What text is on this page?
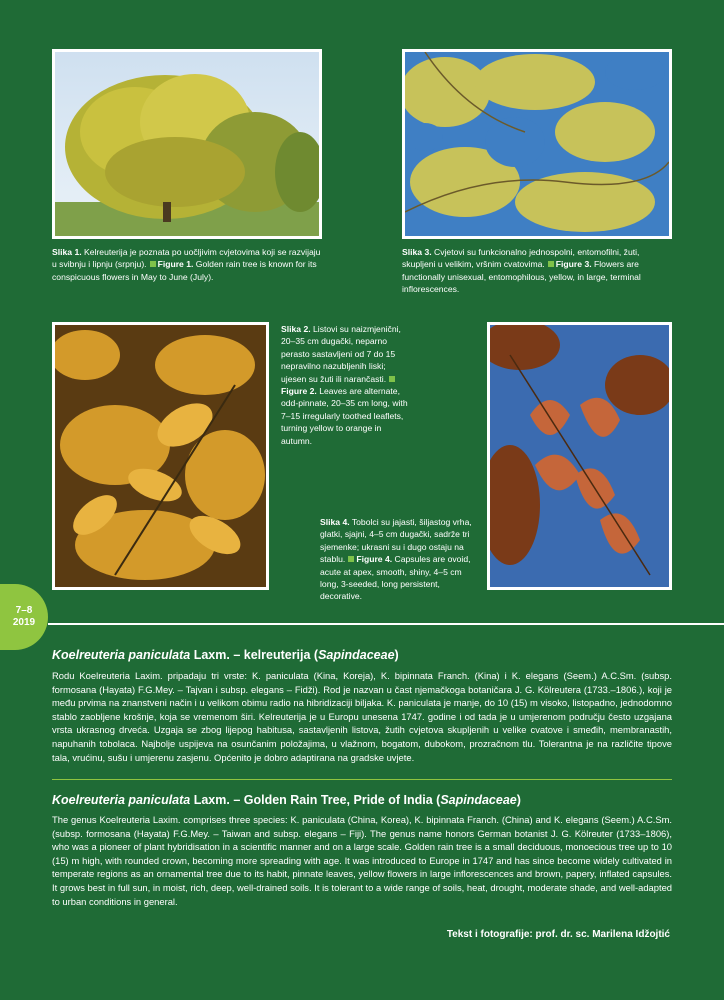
Slika 1. Kelreuterija je poznata po uočljivim cvjetovima koji se razvijaju u svibnju i lipnju (srpnju). Figure 1. Golden rain tree is known for its conspicuous flowers in May to June (July).
Slika 3. Cvjetovi su funkcionalno jednospolni, entomofilni, žuti, skupljeni u velikim, vršnim cvatovima. Figure 3. Flowers are functionally unisexual, entomophilous, yellow, in large, terminal inflorescences.
Slika 2. Listovi su naizmjenični, 20–35 cm dugački, neparno perasto sastavljeni od 7 do 15 nepravilno nazubljenih liski; ujesen su žuti ili narančasti.Figure 2. Leaves are alternate, odd-pinnate, 20–35 cm long, with 7–15 irregularly toothed leaflets, turning yellow to orange in autumn.
Slika 4. Tobolci su jajasti, šiljastog vrha, glatki, sjajni, 4–5 cm dugački, sadrže tri sjemenke; ukrasni su i dugo ostaju na stablu. Figure 4. Capsules are ovoid, acute at apex, smooth, shiny, 4–5 cm long, 3-seeded, long persistent, decorative.
7–8
2019
Koelreuteria paniculata Laxm. – kelreuterija (Sapindaceae)

Rodu Koelreuteria Laxim. pripadaju tri vrste: K. paniculata (Kina, Koreja), K. bipinnata Franch. (Kina) i K. elegans (Seem.) A.C.Sm. (subsp. formosana (Hayata) F.G.Mey. – Tajvan i subsp. elegans – Fidži). Rod je nazvan u čast njemačkoga botaničara J. G. Kölreutera (1733.–1806.), koji je među prvima na znanstveni način i u velikom obimu radio na hibridizaciji biljaka. K. paniculata je manje, do 10 (15) m visoko, listopadno, jednodomno stablo zaobljene krošnje, koja se vremenom širi. Kelreuterija je u Europu unesena 1747. godine i od tada je u umjerenom području često uzgajana vrsta ukrasnog drveća. Uzgaja se zbog lijepog habitusa, sastavljenih listova, žutih cvjetova skupljenih u velike cvatove i smeđih, membranastih, napuhanih tobolaca. Najbolje uspijeva na osunčanim položajima, u vlažnom, bogatom, dubokom, prozračnom tlu. Tolerantna je na različite tipove tala, vrućinu, sušu i umjerenu zasjenu. Općenito je dobro adaptirana na gradske uvjete.

Koelreuteria paniculata Laxm. – Golden Rain Tree, Pride of India (Sapindaceae)

The genus Koelreuteria Laxim. comprises three species: K. paniculata (China, Korea), K. bipinnata Franch. (China) and K. elegans (Seem.) A.C.Sm. (subsp. formosana (Hayata) F.G.Mey. – Taiwan and subsp. elegans – Fiji). The genus name honors German botanist J. G. Kölreuter (1733–1806), who was a pioneer of plant hybridisation in a scientific manner and on a large scale. Golden rain tree is a small deciduous, monoecious tree up to 10 (15) m high, with rounded crown, becoming more spreading with age. It was introduced to Europe in 1747 and has since become widely cultivated in temperate regions as an ornamental tree due to its habit, pinnate leaves, yellow flowers in large inflorescences and brown, papery, inflated capsules. It grows best in full sun, in moist, rich, deep, well-drained soils. It is tolerant to a wide range of soils, heat, drought, moderate shade, and well-adapted to urban conditions in general.

Tekst i fotografije: prof. dr. sc. Marilena Idžojtić
